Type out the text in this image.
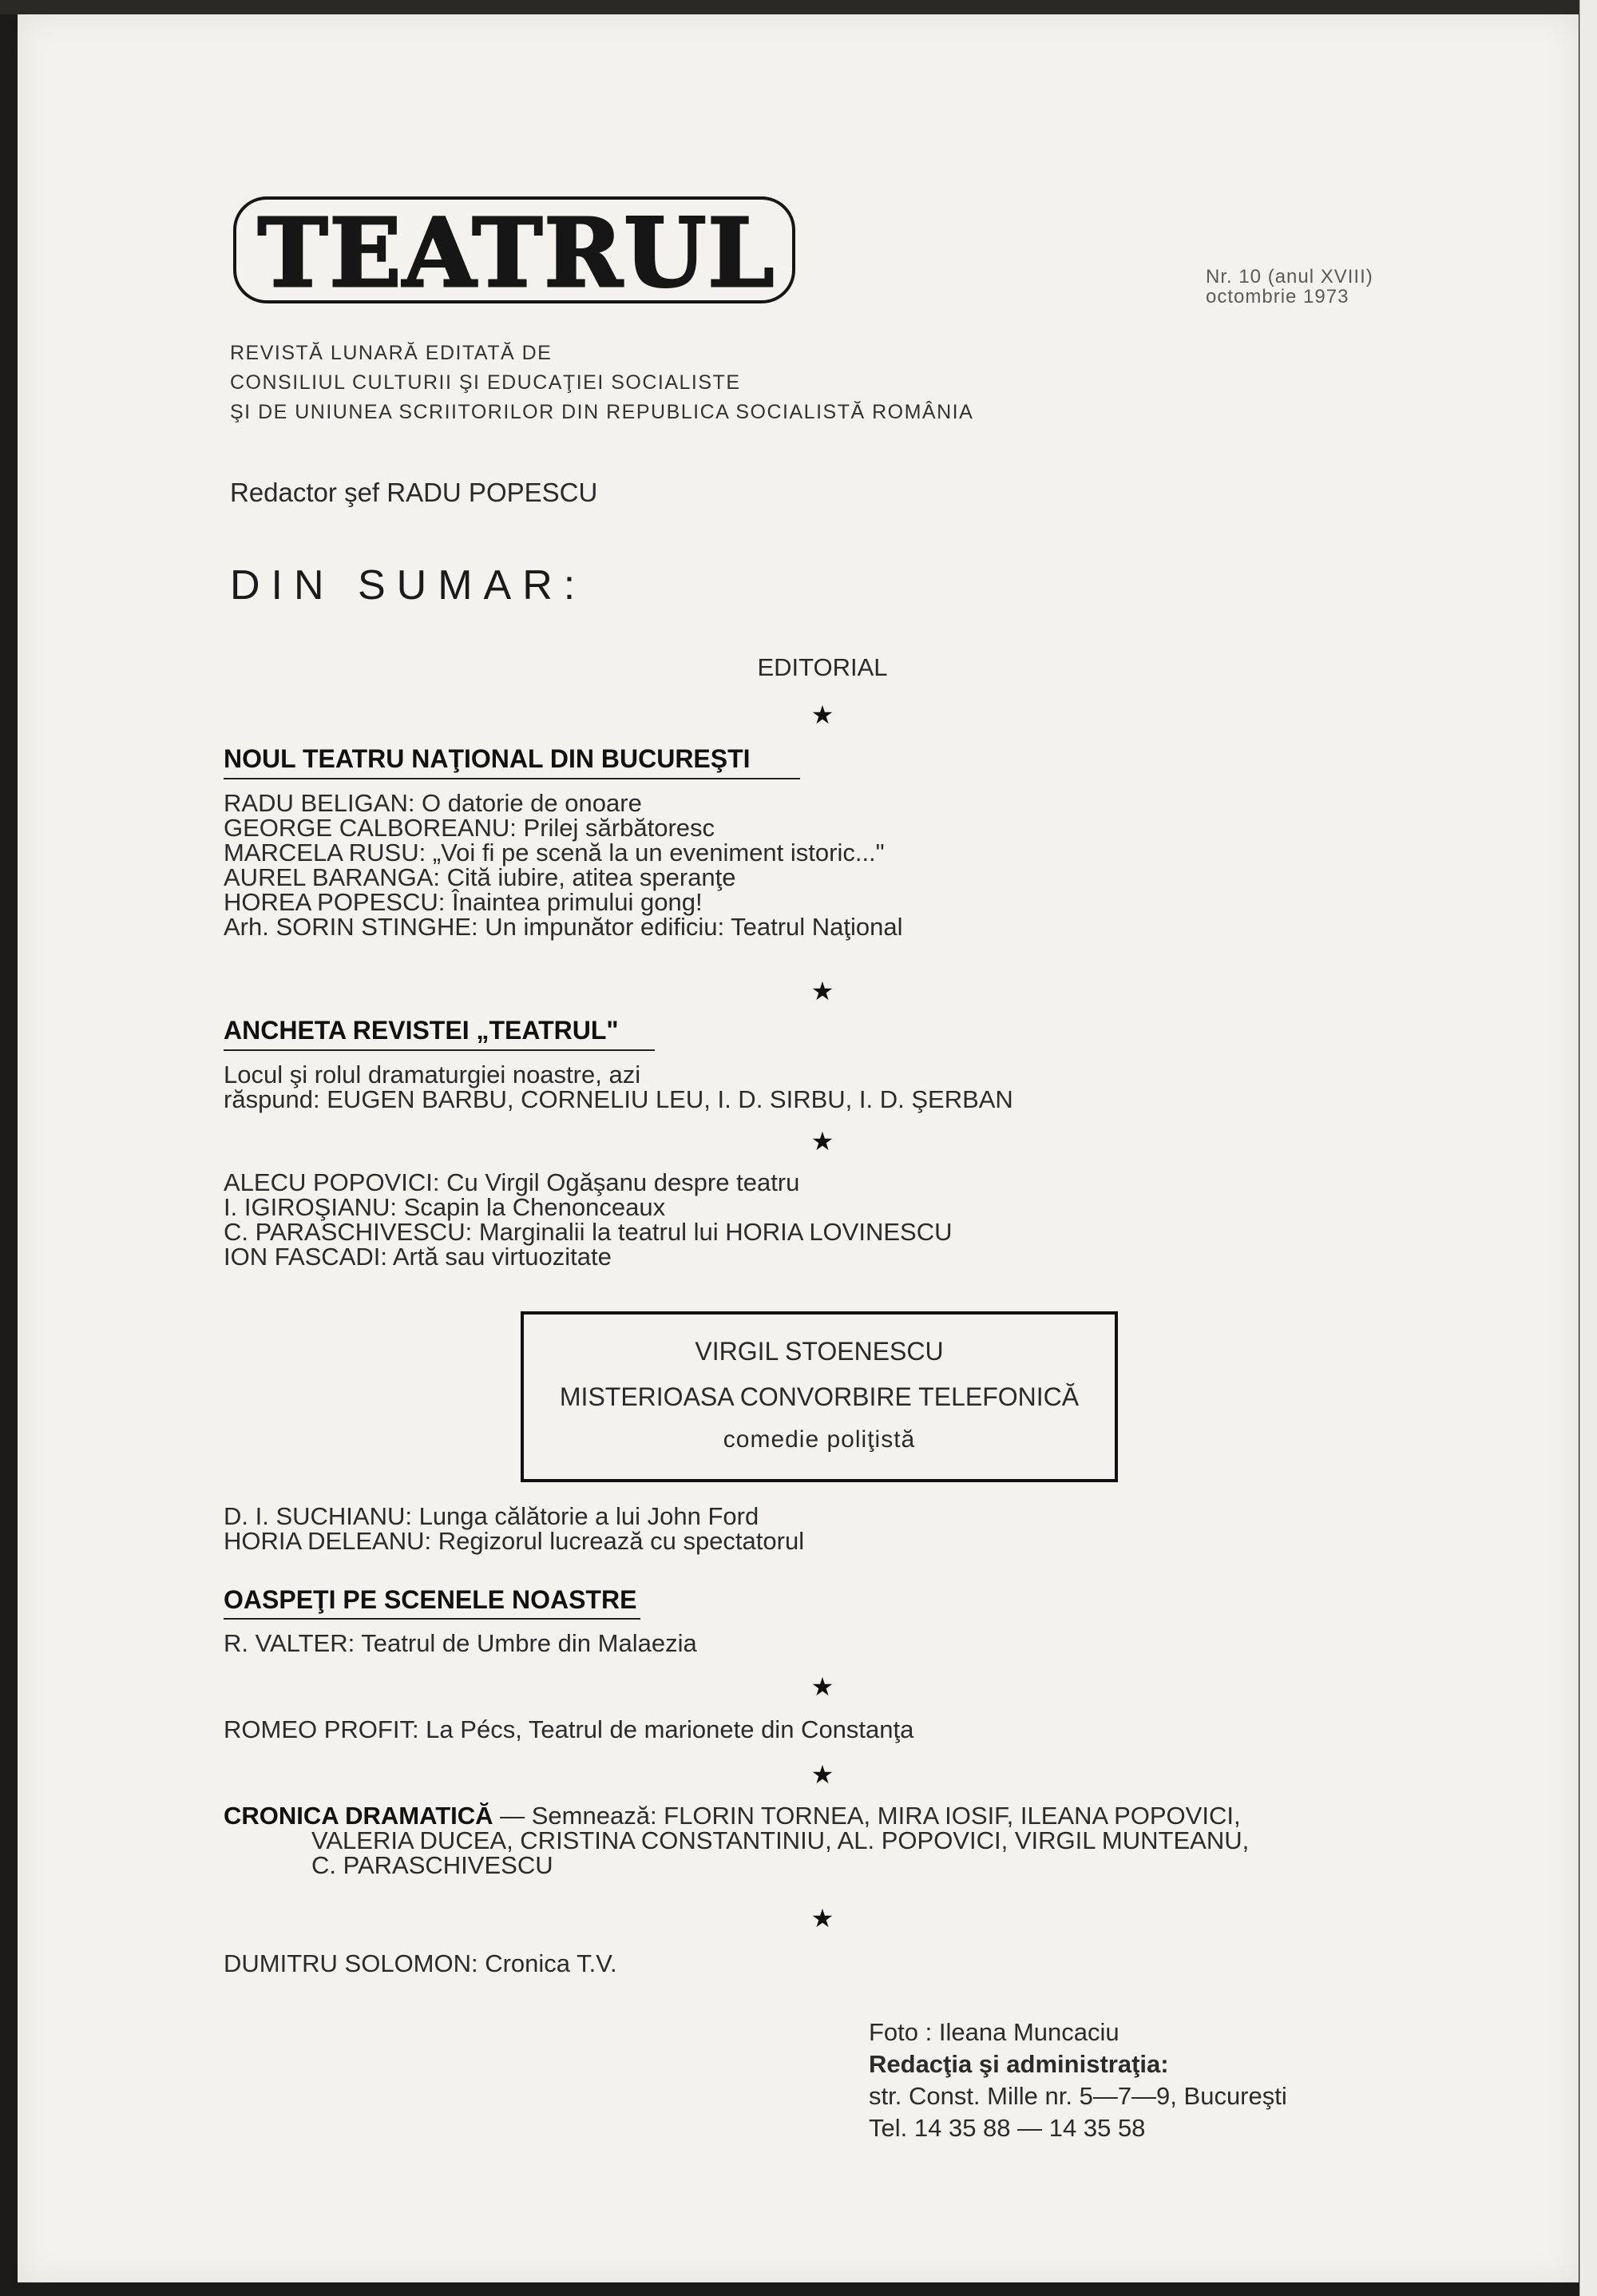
TEATRUL	Nr. 10 (anul XVIII)
octombrie 1973
REVISTĂ LUNARĂ EDITATĂ DE
CONSILIUL CULTURII ŞI EDUCAŢIEI SOCIALISTE
ŞI DE UNIUNEA SCRIITORILOR DIN REPUBLICA SOCIALISTĂ ROMÂNIA
Redactor şef RADU POPESCU
DIN SUMAR:
EDITORIAL
★
NOUL TEATRU NAŢIONAL DIN BUCUREŞTI
RADU BELIGAN: O datorie de onoare
GEORGE CALBOREANU: Prilej sărbătoresc
MARCELA RUSU: „Voi fi pe scenă la un eveniment istoric..."
AUREL BARANGA: Cită iubire, atitea speranţe
HOREA POPESCU: Înaintea primului gong!
Arh. SORIN STINGHE: Un impunător edificiu: Teatrul Naţional
★
ANCHETA REVISTEI „TEATRUL"
Locul şi rolul dramaturgiei noastre, azi
răspund: EUGEN BARBU, CORNELIU LEU, I. D. SIRBU, I. D. ŞERBAN
★
ALECU POPOVICI: Cu Virgil Ogăşanu despre teatru
I. IGIROŞIANU: Scapin la Chenonceaux
C. PARASCHIVESCU: Marginalii la teatrul lui HORIA LOVINESCU
ION FASCADI: Artă sau virtuozitate
VIRGIL STOENESCU
MISTERIOASA CONVORBIRE TELEFONICĂ
comedie poliţistă
D. I. SUCHIANU: Lunga călătorie a lui John Ford
HORIA DELEANU: Regizorul lucrează cu spectatorul
OASPEŢI PE SCENELE NOASTRE
R. VALTER: Teatrul de Umbre din Malaezia
★
ROMEO PROFIT: La Pécs, Teatrul de marionete din Constanţa
★
CRONICA DRAMATICĂ — Semnează: FLORIN TORNEA, MIRA IOSIF, ILEANA POPOVICI,
VALERIA DUCEA, CRISTINA CONSTANTINIU, AL. POPOVICI, VIRGIL MUNTEANU,
C. PARASCHIVESCU
★
DUMITRU SOLOMON: Cronica T.V.
Foto : Ileana Muncaciu
Redacţia şi administraţia:
str. Const. Mille nr. 5—7—9, Bucureşti
Tel. 14 35 88 — 14 35 58
